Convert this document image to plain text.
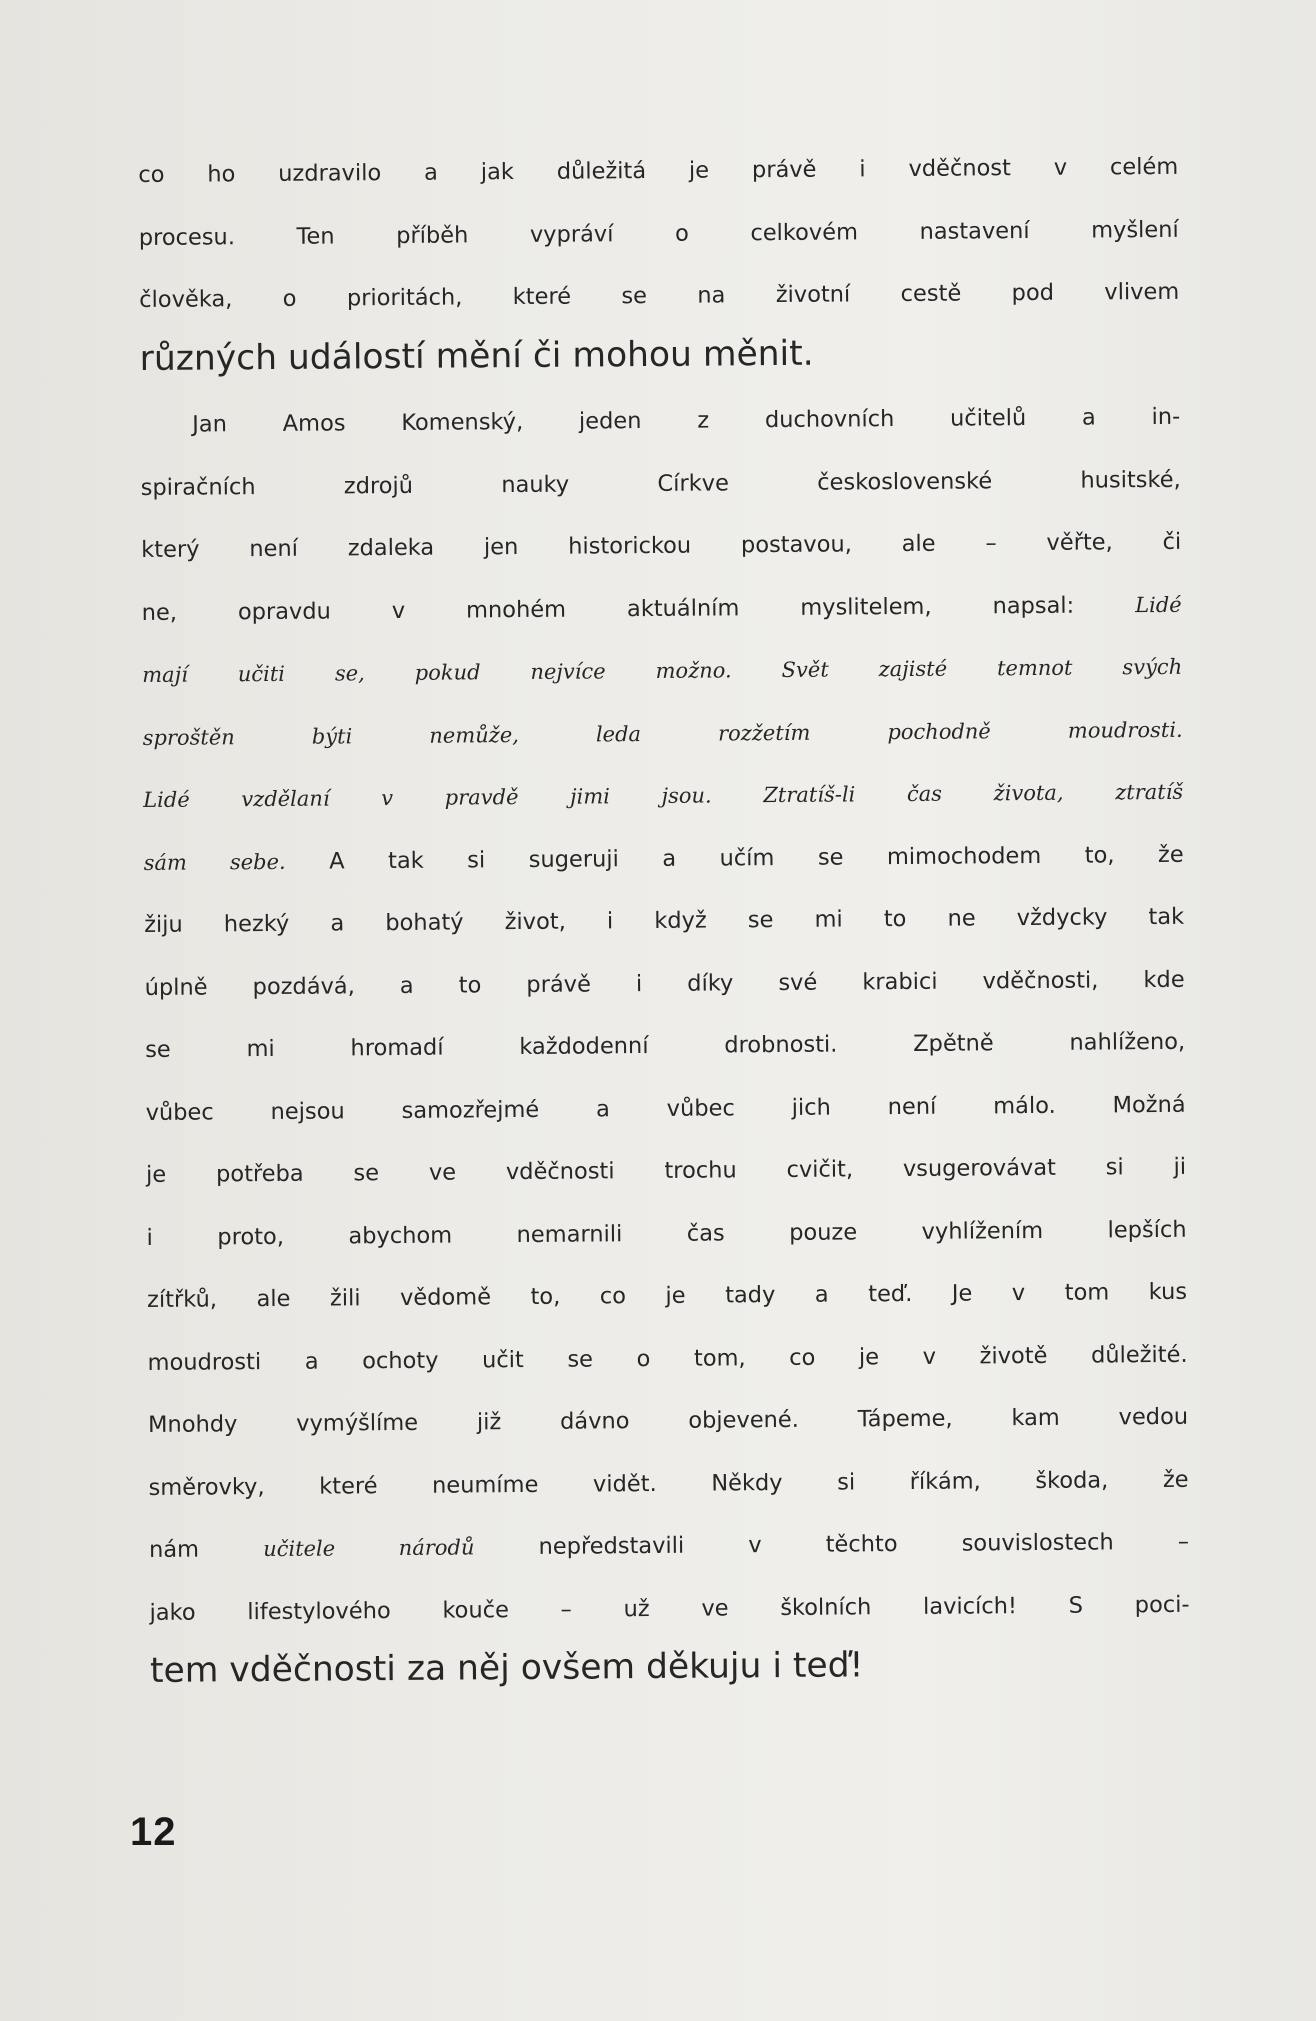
co ho uzdravilo a jak důležitá je právě i vděčnost v celém
procesu. Ten příběh vypráví o celkovém nastavení myšlení
člověka, o prioritách, které se na životní cestě pod vlivem
různých událostí mění či mohou měnit.
Jan Amos Komenský, jeden z duchovních učitelů a in-
spiračních zdrojů nauky Církve československé husitské,
který není zdaleka jen historickou postavou, ale – věřte, či
ne, opravdu v mnohém aktuálním myslitelem, napsal: Lidé
mají učiti se, pokud nejvíce možno. Svět zajisté temnot svých
sproštěn býti nemůže, leda rozžetím pochodně moudrosti.
Lidé vzdělaní v pravdě jimi jsou. Ztratíš-li čas života, ztratíš
sám sebe. A tak si sugeruji a učím se mimochodem to, že
žiju hezký a bohatý život, i když se mi to ne vždycky tak
úplně pozdává, a to právě i díky své krabici vděčnosti, kde
se mi hromadí každodenní drobnosti. Zpětně nahlíženo,
vůbec nejsou samozřejmé a vůbec jich není málo. Možná
je potřeba se ve vděčnosti trochu cvičit, vsugerovávat si ji
i proto, abychom nemarnili čas pouze vyhlížením lepších
zítřků, ale žili vědomě to, co je tady a teď. Je v tom kus
moudrosti a ochoty učit se o tom, co je v životě důležité.
Mnohdy vymýšlíme již dávno objevené. Tápeme, kam vedou
směrovky, které neumíme vidět. Někdy si říkám, škoda, že
nám učitele národů nepředstavili v těchto souvislostech –
jako lifestylového kouče – už ve školních lavicích! S poci-
tem vděčnosti za něj ovšem děkuju i teď!
12
